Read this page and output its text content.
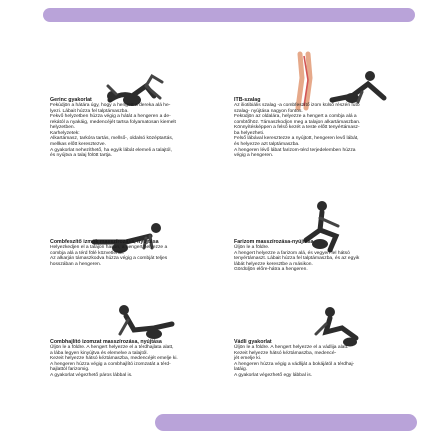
Gerinc gyakorlat

Fekúdjön a hátára úgy, hogy a hengert a dereka alá he-

lyezi. Lábait húzza fel talptámaszba.

Fekvő helyzetben húzza végig a hátát a hengeren a de-

rekától a nyakáig, medencéjét tartsa folyamatosan kiemelt

helyzetben.

Karhelyzetek:

Alkartámasz, tarkóra tartás, mellső-, oldalsó középtartás,

mellkas előtt keresztezve.

A gyakorlat nehezíthető, ha egyik lábát elemeli a talajtól,

és nyújtva a talaj fölött tartja.

ITB-szalag

Az iliotibiális szalag -a combfeszítő izom külső részén futó

szalag- nyújtása nagyon fontos.

Feküdjön az oldalára, helyezze a hengert a combja alá a

combtőhöz. Támaszkodjon meg a talajon alkartámaszban.

Könnyítésképpen a felső kezét a teste előtt tenyértámasz-

ba helyezheti.

Felső lábával keresztezze a nyújtott, hengeren levő lábát,

és helyezze azt talptámaszba.

A hengeren lévő lábat farizom-térd terjedelemben húzza

végig a hengeren.

Combfeszítő izmok masszírozása, nyújtása

Helyezkedjen el a talajon hason, a hengert helyezze a

combja alá a térd fölé közvetlenül.

Az alkarján támaszkodva húzza végig a combját teljes

hosszában a hengeren.

Farizom masszírozása-nyújtása

Üljön le a földre.

A hengert helyezze a farizom alá, és vegyen fel hátsó

tenyértámaszt. Lábait húzza fel talptámaszba, és az egyik

lábát helyezze keresztbe a másikon.

Gördüljön előre-hátra a hengeren.

Combhajlító izomzat masszírozása, nyújtása

Üljön le a földre. A hengert helyezze el a térdhajlata alatt,

a lába legyen kinyújtva és elemelve a talajtól.

Kezeit helyezze hátsó kéztámaszba, medencéjét emelje ki.

A hengeren húzza végig a combhajlító izomzatát a térd-

hajlattól farizomig.

A gyakorlat végezhető páros lábbal is.

Vádli gyakorlat

Üljön le a földre. A hengert helyezze el a vádlija alatt.

Kezeit helyezze hátsó kéztámaszba, medencé-

jét emelje ki.

A hengeren húzza végig a vádliját a bokájától a térdhaj-

latáig.

A gyakorlat végezhető egy lábbal is.
